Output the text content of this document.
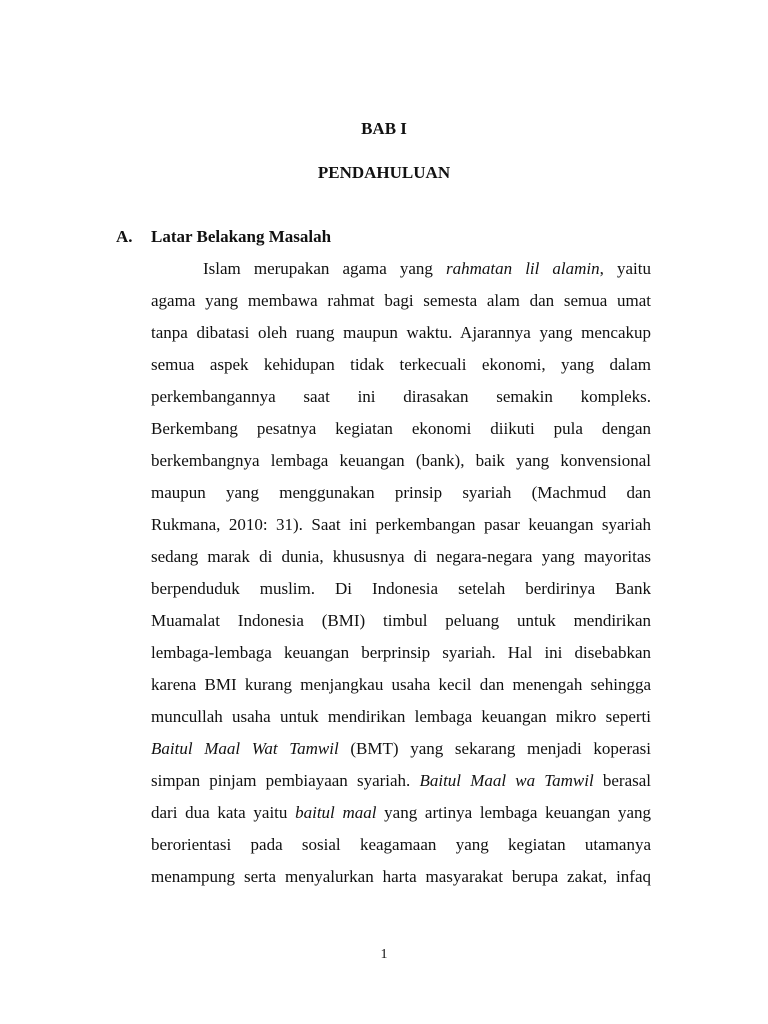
BAB I
PENDAHULUAN
A. Latar Belakang Masalah
Islam merupakan agama yang rahmatan lil alamin, yaitu
agama yang membawa rahmat bagi semesta alam dan semua umat
tanpa dibatasi oleh ruang maupun waktu. Ajarannya yang mencakup
semua aspek kehidupan tidak terkecuali ekonomi, yang dalam
perkembangannya saat ini dirasakan semakin kompleks.
Berkembang pesatnya kegiatan ekonomi diikuti pula dengan
berkembangnya lembaga keuangan (bank), baik yang konvensional
maupun yang menggunakan prinsip syariah (Machmud dan
Rukmana, 2010: 31). Saat ini perkembangan pasar keuangan syariah
sedang marak di dunia, khususnya di negara-negara yang mayoritas
berpenduduk muslim. Di Indonesia setelah berdirinya Bank
Muamalat Indonesia (BMI) timbul peluang untuk mendirikan
lembaga-lembaga keuangan berprinsip syariah. Hal ini disebabkan
karena BMI kurang menjangkau usaha kecil dan menengah sehingga
muncullah usaha untuk mendirikan lembaga keuangan mikro seperti
Baitul Maal Wat Tamwil (BMT) yang sekarang menjadi koperasi
simpan pinjam pembiayaan syariah. Baitul Maal wa Tamwil berasal
dari dua kata yaitu baitul maal yang artinya lembaga keuangan yang
berorientasi pada sosial keagamaan yang kegiatan utamanya
menampung serta menyalurkan harta masyarakat berupa zakat, infaq
1
